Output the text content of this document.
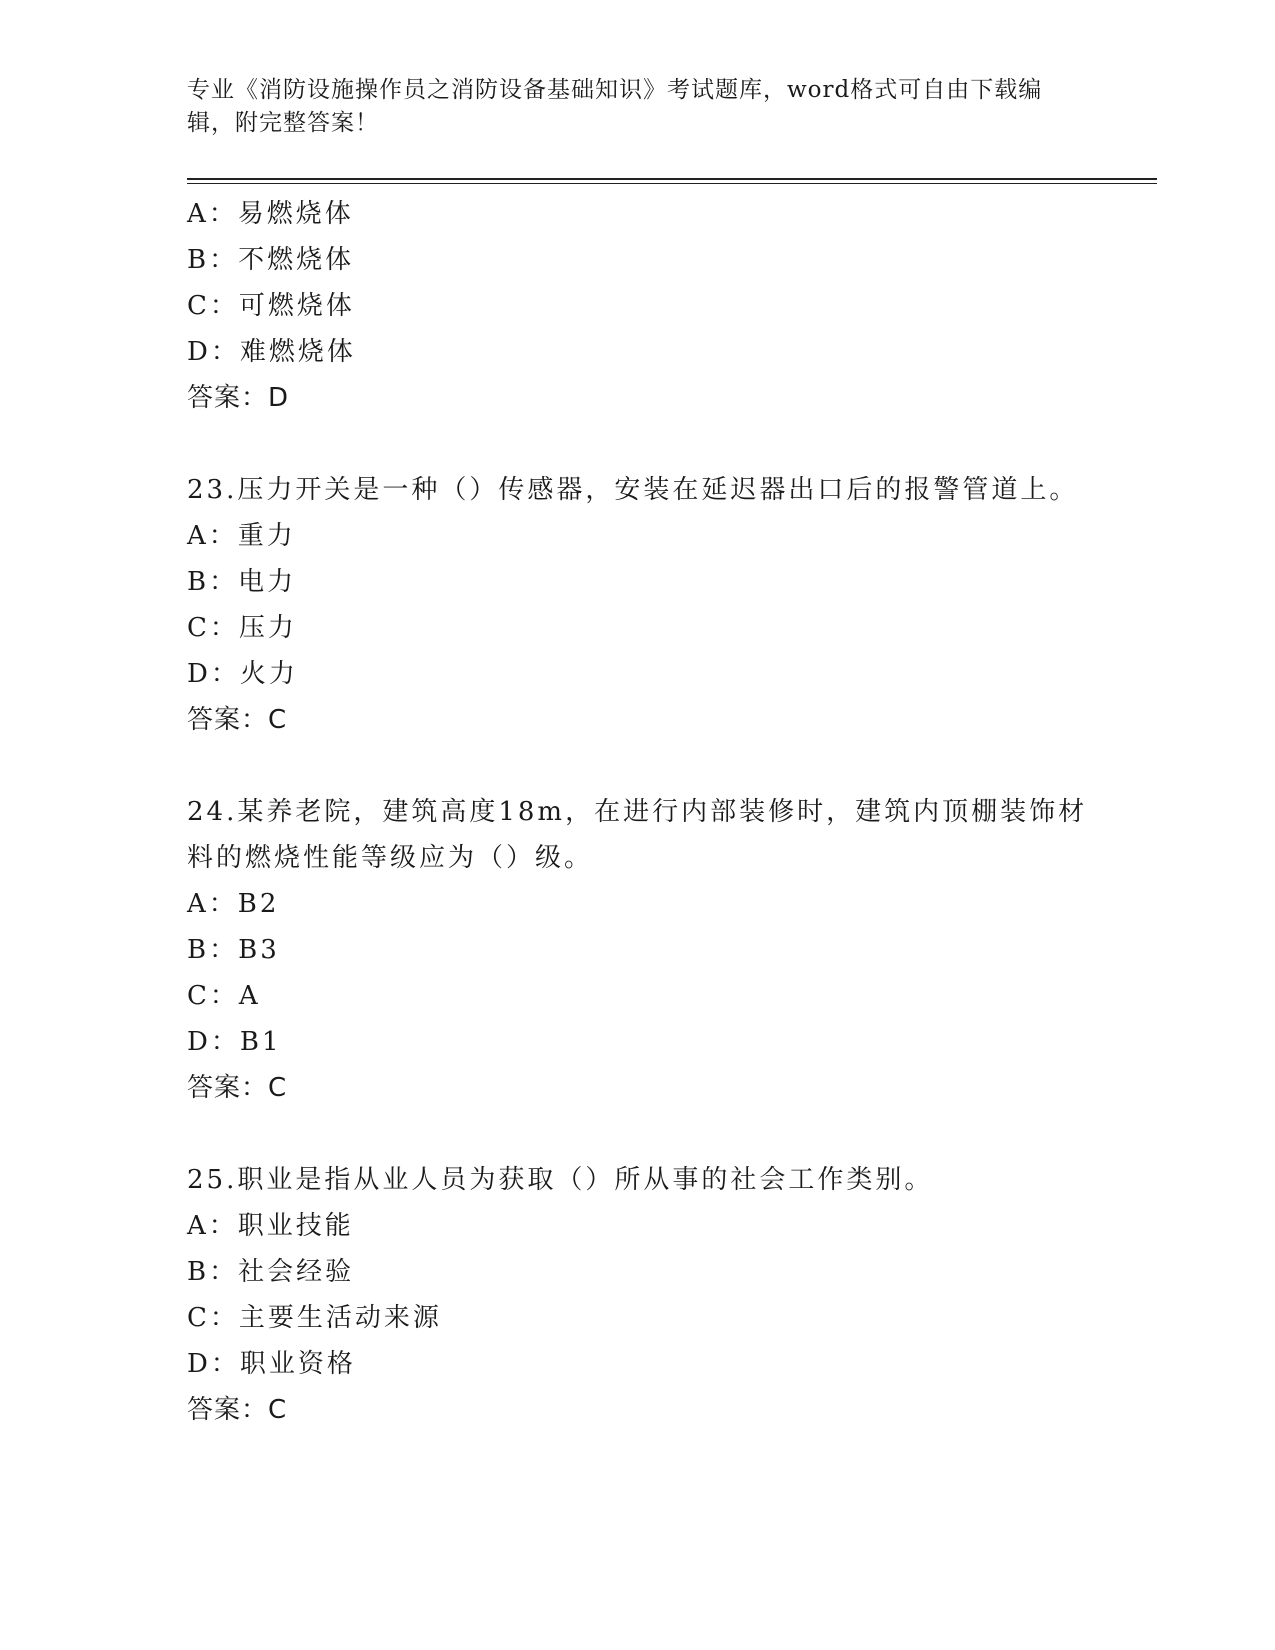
专业《消防设施操作员之消防设备基础知识》考试题库，word格式可自由下载编辑，附完整答案！
A：易燃烧体
B：不燃烧体
C：可燃烧体
D：难燃烧体
答案：D
23.压力开关是一种（）传感器，安装在延迟器出口后的报警管道上。
A：重力
B：电力
C：压力
D：火力
答案：C
24.某养老院，建筑高度18m，在进行内部装修时，建筑内顶棚装饰材
料的燃烧性能等级应为（）级。
A：B2
B：B3
C：A
D：B1
答案：C
25.职业是指从业人员为获取（）所从事的社会工作类别。
A：职业技能
B：社会经验
C：主要生活动来源
D：职业资格
答案：C
